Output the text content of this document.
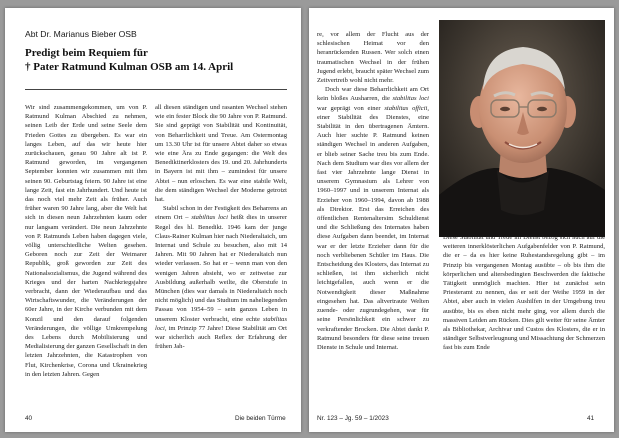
Abt Dr. Marianus Bieber OSB
Predigt beim Requiem für
† Pater Ratmund Kulman OSB am 14. April

Wir sind zusammengekommen, um von P. Ratmund Kulman Abschied zu nehmen, seinen Leib der Erde und seine Seele dem Frieden Gottes zu übergeben. Es war ein langes Leben, auf das wir heute hier zurückschauen, genau 90 Jahre alt ist P. Ratmund geworden, im vergangenen September konnten wir zusammen mit ihm seinen 90. Geburtstag feiern. 90 Jahre ist eine lange Zeit, fast ein Jahrhundert. Und heute ist das noch viel mehr Zeit als früher. Auch früher waren 90 Jahre lang, aber die Welt hat sich in diesen neun Jahrzehnten kaum oder nur langsam verändert. Die neun Jahrzehnte von P. Ratmunds Leben haben dagegen viele, völlig unterschiedliche Welten gesehen. Geboren noch zur Zeit der Weimarer Republik, groß geworden zur Zeit des Nationalsozialismus, die Jugend während des Krieges und der harten Nachkriegsjahre verbracht, dann der Wiederaufbau und das Wirtschaftswunder, die Veränderungen der 60er Jahre, in der Kirche verbunden mit dem Konzil und den darauf folgenden Veränderungen, die völlige Umkrempelung des Lebens durch Mobilisierung und Medialisierung der ganzen Gesellschaft in den letzten Jahrzehnten, die Katastrophen von Flut, Kirchenkrise, Corona und Ukrainekrieg in den letzten Jahren. Gegen

all diesen ständigen und rasanten Wechsel stehen wie ein fester Block die 90 Jahre von P. Ratmund. Sie sind geprägt von Stabilität und Kontinuität, von Beharrlichkeit und Treue. Am Ostermontag um 13.30 Uhr ist für unsere Abtei daher so etwas wie eine Ära zu Ende gegangen: die Welt des Benediktinerklosters des 19. und 20. Jahrhunderts in Bayern ist mit ihm – zumindest für unsere Abtei – nun erloschen. Es war eine stabile Welt, die dem ständigen Wechsel der Moderne getrotzt hat.

Stabil schon in der Festigkeit des Beharrens an einem Ort – stabilitas loci heißt dies in unserer Regel des hl. Benedikt. 1946 kam der junge Claus-Rainer Kulman hier nach Niederaltaich, um Internat und Schule zu besuchen, also mit 14 Jahren. Mit 90 Jahren hat er Niederaltaich nun wieder verlassen. So hat er – wenn man von den wenigen Jahren absieht, wo er zeitweise zur Ausbildung außerhalb weilte, die Oberstufe in München (dies war damals in Niederaltaich noch nicht möglich) und das Studium im naheliegenden Passau von 1954–59 – sein ganzes Leben in unserem Kloster verbracht, eine echte stabilitas loci, im Prinzip 77 Jahre! Diese Stabilität am Ort war sicherlich auch Reflex der Erfahrung der frühen Jah-

40	Die beiden Türme

re, vor allem der Flucht aus der schlesischen Heimat vor den heranrückenden Russen. Wer solch einen traumatischen Wechsel in der frühen Jugend erlebt, braucht später Wechsel zum Zeitvertreib wohl nicht mehr.

Doch war diese Beharrlichkeit am Ort kein bloßes Ausharren, die stabilitas loci war geprägt von einer stabilitas officii, einer Stabilität des Dienstes, eine Stabilität in den übertragenen Ämtern. Auch hier suchte P. Ratmund keinen ständigen Wechsel in anderen Aufgaben, er blieb seiner Sache treu bis zum Ende. Nach dem Studium war dies vor allem der fast vier Jahrzehnte lange Dienst in unserem Gymnasium als Lehrer von 1960–1997 und in unserem Internat als Erzieher von 1960–1994, davon ab 1988 als Direktor. Erst das Erreichen des öffentlichen Rentenaltersim Schuldienst und die Schließung des Internates haben diese Aufgaben dann beendet, im Internat war er der letzte Erzieher dann für die noch verbliebenen Schüler im Haus. Die Entscheidung des Klosters, das Internat zu schließen, ist ihm sicherlich nicht leichtgefallen, auch wenn er die Notwendigkeit dieser Maßnahme eingesehen hat. Das altvertraute Welten zuende- oder zugrundegehen, war für seine Persönlichkeit ein schwer zu verkraftender Brocken. Die Abtei dankt P. Ratmund besonders für diese seine treuen Dienste in Schule und Internat.

Diese Stabilität und Treue im Dienst bezog sich auch auf die weiteren innerklösterlichen Aufgabenfelder von P. Ratmund, die er – da es hier keine Ruhestandsregelung gibt – im Prinzip bis vergangenen Montag ausübte – ob bis ihm die körperlichen und altersbedingten Beschwerden die faktische Tätigkeit unmöglich machten. Hier ist zunächst sein Priesteramt zu nennen, das er seit der Weihe 1959 in der Abtei, aber auch in vielen Aushilfen in der Umgebung treu ausübte, bis es eben nicht mehr ging, vor allem durch die massiven Leiden am Rücken. Dies gilt weiter für seine Ämter als Bibliothekar, Archivar und Custos des Klosters, die er in ständiger Selbstverleugnung und Missachtung der Schmerzen fast bis zum Ende

Nr. 123 – Jg. 59 – 1/2023	41
